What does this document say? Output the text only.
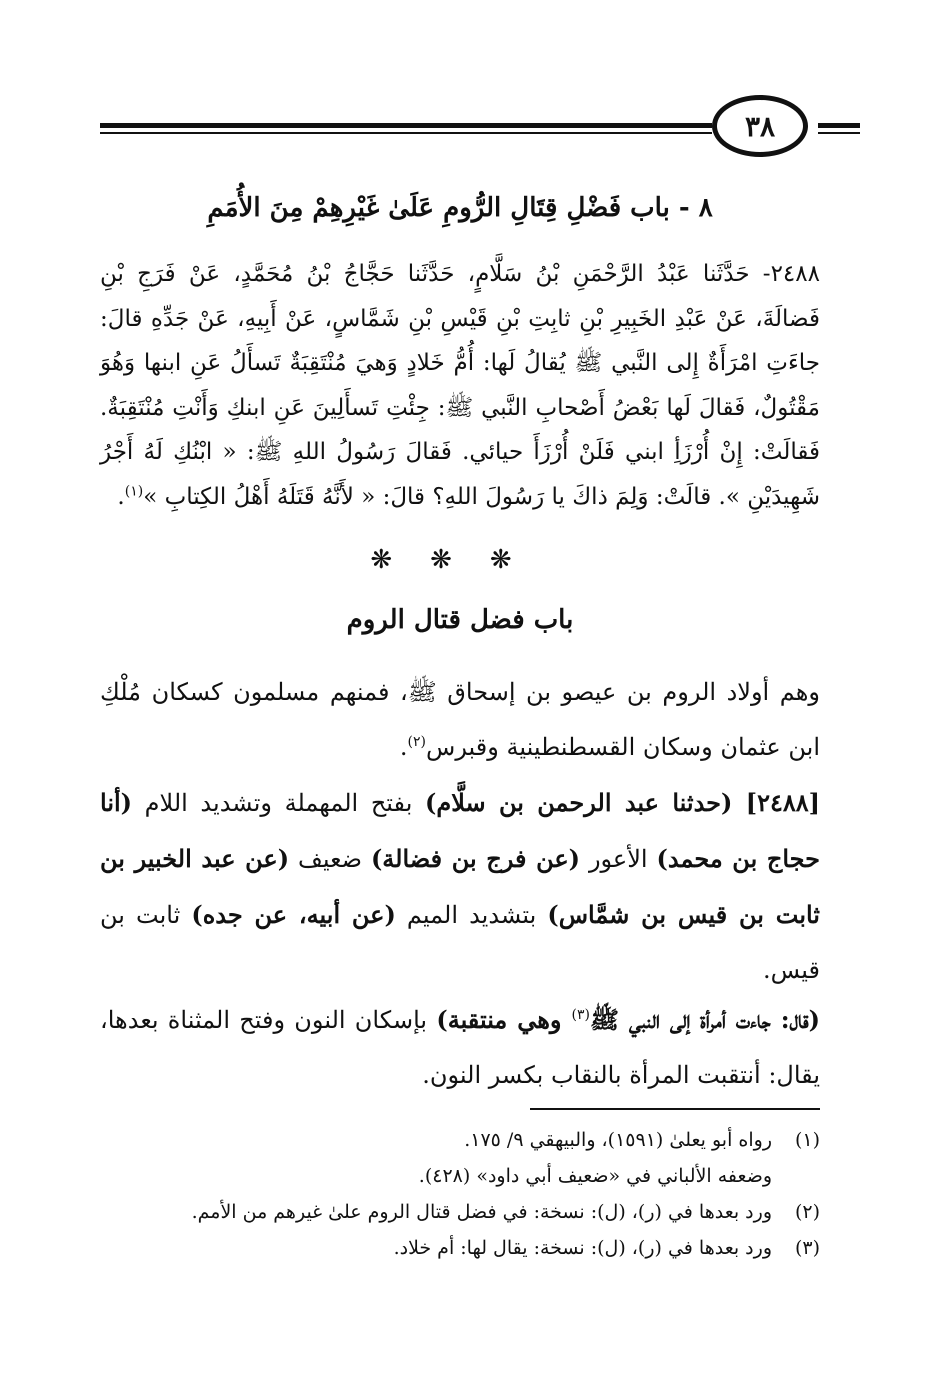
٣٨
٨ - باب فَضْلِ قِتَالِ الرُّومِ عَلَىٰ غَيْرِهِمْ مِنَ الأُمَمِ

٢٤٨٨- حَدَّثَنا عَبْدُ الرَّحْمَنِ بْنُ سَلَّامٍ، حَدَّثَنا حَجَّاجُ بْنُ مُحَمَّدٍ، عَنْ فَرَجِ بْنِ فَضالَةَ، عَنْ عَبْدِ الخَبِيرِ بْنِ ثابِتِ بْنِ قَيْسِ بْنِ شَمَّاسٍ، عَنْ أَبِيهِ، عَنْ جَدِّهِ قالَ: جاءَتِ امْرَأَةٌ إِلى النَّبي ﷺ يُقالُ لَها: أُمُّ خَلادٍ وَهيَ مُنْتَقِبَةٌ تَسأَلُ عَنِ ابنها وَهُوَ مَقْتُولٌ، فَقالَ لَها بَعْضُ أَصْحابِ النَّبي ﷺ: جِئْتِ تَسأَلِينَ عَنِ ابنكِ وَأَنْتِ مُنْتَقِبَةٌ. فَقالَتْ: إِنْ أُرْزَأِ ابني فَلَنْ أُرْزَأَ حيائي. فَقالَ رَسُولُ اللهِ ﷺ: « ابْنُكِ لَهُ أَجْرُ شَهِيدَيْنِ ». قالَتْ: وَلِمَ ذاكَ يا رَسُولَ اللهِ؟ قالَ: « لأَنَّهُ قَتَلَهُ أَهْلُ الكِتابِ »$^{(١)}$.

❋❋❋
باب فضل قتال الروم

وهم أولاد الروم بن عيصو بن إسحاق ﷺ، فمنهم مسلمون كسكان مُلْكِ ابن عثمان وسكان القسطنطينية وقبرس$^{(٢)}$.

[٢٤٨٨] (حدثنا عبد الرحمن بن سلَّام) بفتح المهملة وتشديد اللام (أنا حجاج بن محمد) الأعور (عن فرج بن فضالة) ضعيف (عن عبد الخبير بن ثابت بن قيس بن شمَّاس) بتشديد الميم (عن أبيه، عن جده) ثابت بن قيس.

(قال: جاءت أمرأة إلى النبي ﷺ$^{(٣)}$ وهي منتقبة) بإسكان النون وفتح المثناة بعدها، يقال: أنتقبت المرأة بالنقاب بكسر النون.

(١)
رواه أبو يعلىٰ (١٥٩١)، والبيهقي ٩/ ١٧٥.
وضعفه الألباني في «ضعيف أبي داود» (٤٢٨).
(٢)
ورد بعدها في (ر)، (ل): نسخة: في فضل قتال الروم علىٰ غيرهم من الأمم.
(٣)
ورد بعدها في (ر)، (ل): نسخة: يقال لها: أم خلاد.
